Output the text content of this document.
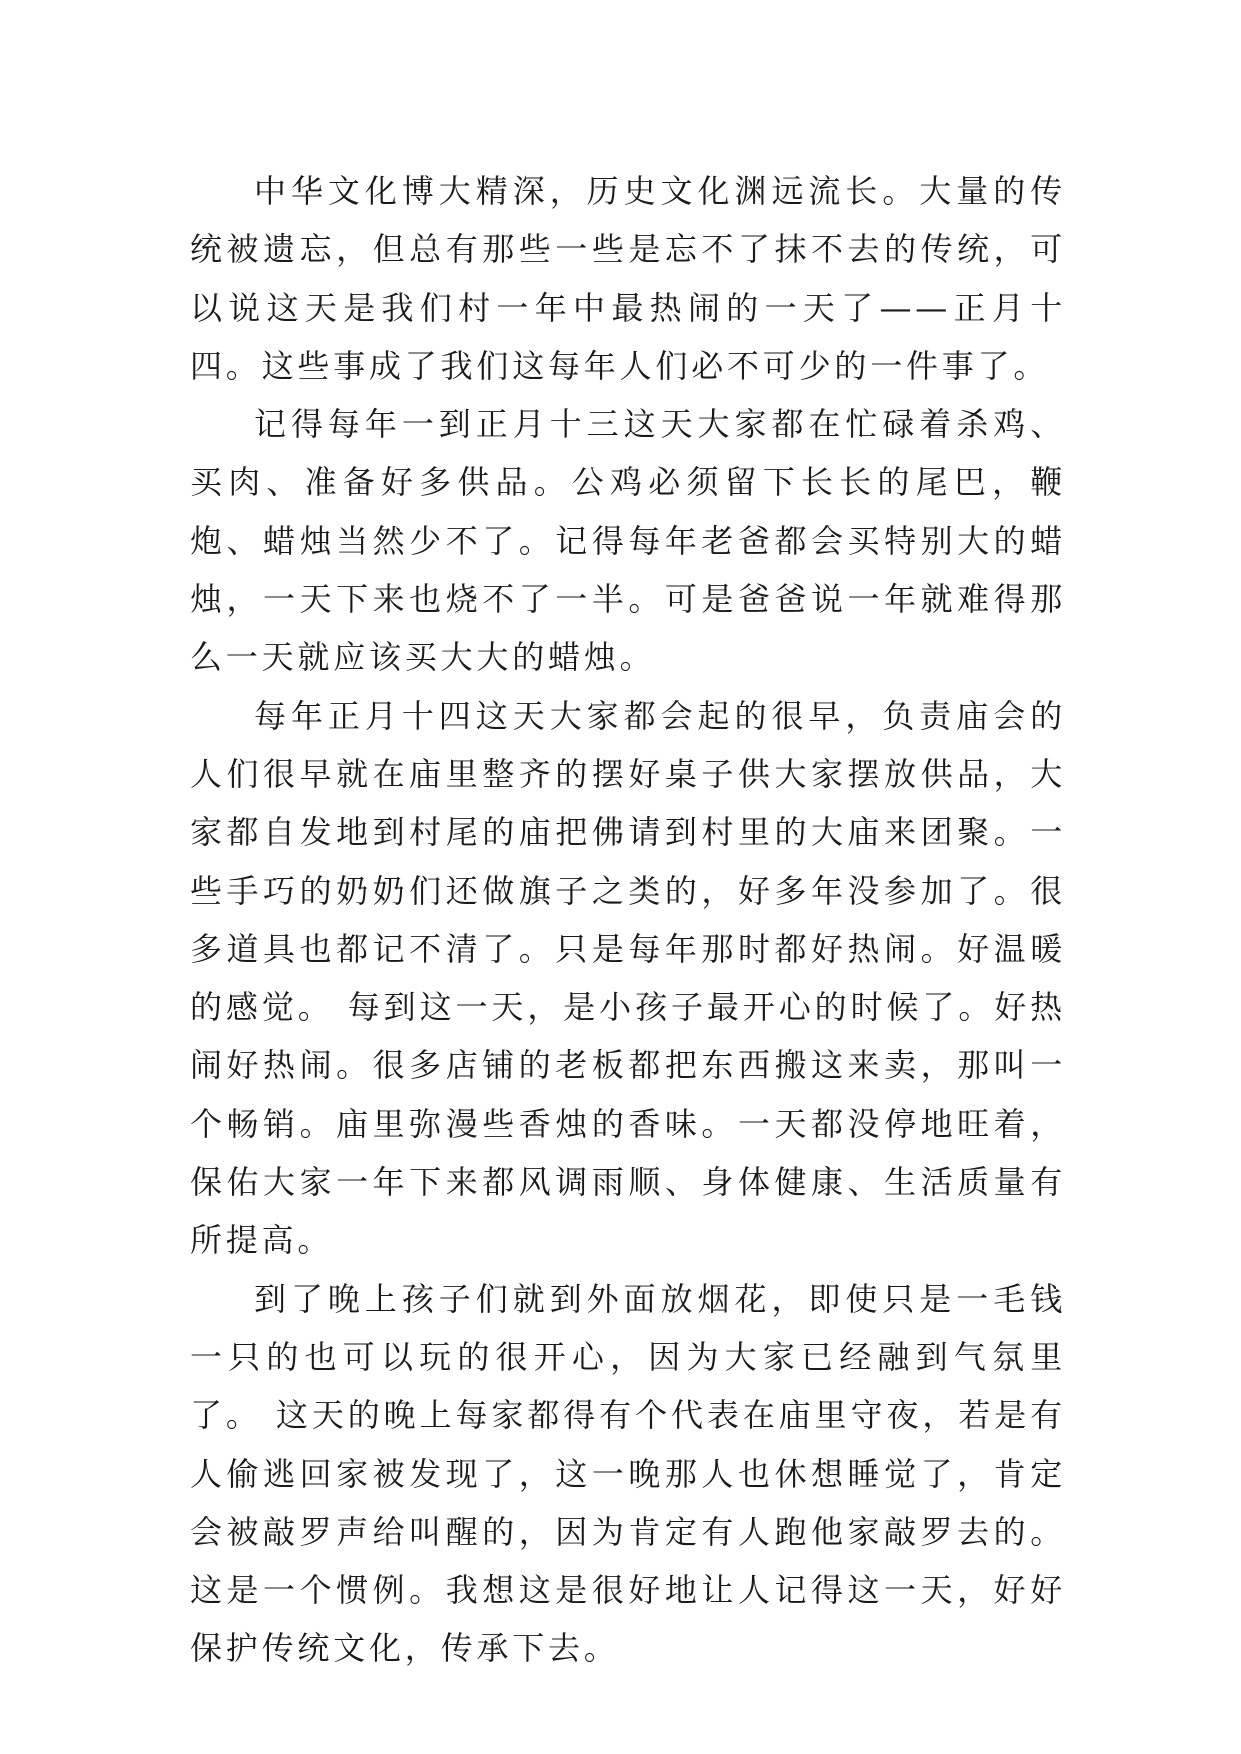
中华文化博大精深，历史文化渊远流长。大量的传统被遗忘，但总有那些一些是忘不了抹不去的传统，可以说这天是我们村一年中最热闹的一天了——正月十四。这些事成了我们这每年人们必不可少的一件事了。

记得每年一到正月十三这天大家都在忙碌着杀鸡、买肉、准备好多供品。公鸡必须留下长长的尾巴，鞭炮、蜡烛当然少不了。记得每年老爸都会买特别大的蜡烛，一天下来也烧不了一半。可是爸爸说一年就难得那么一天就应该买大大的蜡烛。

每年正月十四这天大家都会起的很早，负责庙会的人们很早就在庙里整齐的摆好桌子供大家摆放供品，大家都自发地到村尾的庙把佛请到村里的大庙来团聚。一些手巧的奶奶们还做旗子之类的，好多年没参加了。很多道具也都记不清了。只是每年那时都好热闹。好温暖的感觉。 每到这一天，是小孩子最开心的时候了。好热闹好热闹。很多店铺的老板都把东西搬这来卖，那叫一个畅销。庙里弥漫些香烛的香味。一天都没停地旺着，保佑大家一年下来都风调雨顺、身体健康、生活质量有所提高。

到了晚上孩子们就到外面放烟花，即使只是一毛钱一只的也可以玩的很开心，因为大家已经融到气氛里了。 这天的晚上每家都得有个代表在庙里守夜，若是有人偷逃回家被发现了，这一晚那人也休想睡觉了，肯定会被敲罗声给叫醒的，因为肯定有人跑他家敲罗去的。这是一个惯例。我想这是很好地让人记得这一天，好好保护传统文化，传承下去。
